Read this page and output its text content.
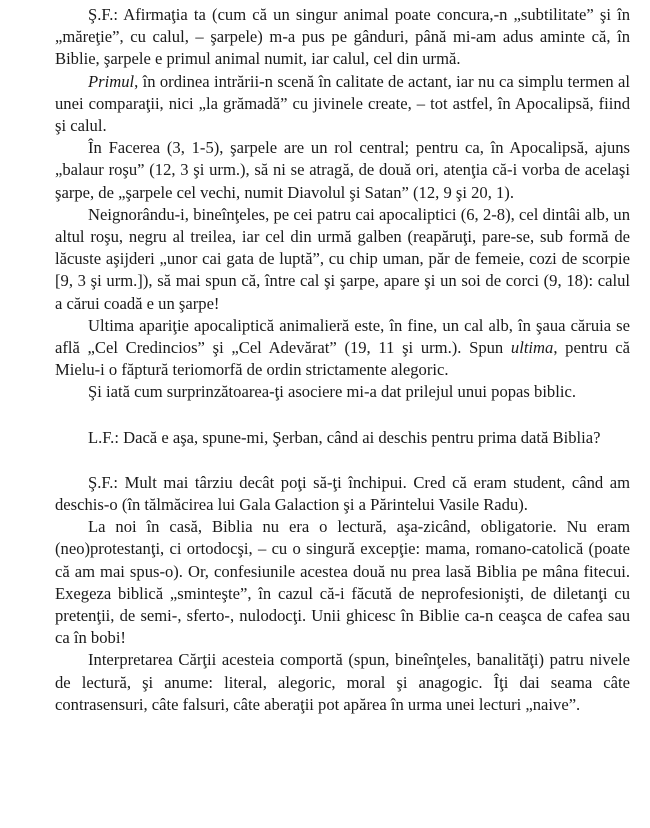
Ş.F.: Afirmaţia ta (cum că un singur animal poate concura,-n „subtilitate” şi în „măreţie”, cu calul, – şarpele) m-a pus pe gânduri, până mi-am adus aminte că, în Biblie, şarpele e primul animal numit, iar calul, cel din urmă.

Primul, în ordinea intrării-n scenă în calitate de actant, iar nu ca simplu termen al unei comparaţii, nici „la grămadă” cu jivinele create, – tot astfel, în Apocalipsă, fiind şi calul.

În Facerea (3, 1-5), şarpele are un rol central; pentru ca, în Apocalipsă, ajuns „balaur roşu” (12, 3 şi urm.), să ni se atragă, de două ori, atenţia că-i vorba de acelaşi şarpe, de „şarpele cel vechi, numit Diavolul şi Satan” (12, 9 şi 20, 1).

Neignorându-i, bineînţeles, pe cei patru cai apocaliptici (6, 2-8), cel dintâi alb, un altul roşu, negru al treilea, iar cel din urmă galben (reapăruţi, pare-se, sub formă de lăcuste aşijderi „unor cai gata de luptă”, cu chip uman, păr de femeie, cozi de scorpie [9, 3 şi urm.]), să mai spun că, între cal şi şarpe, apare şi un soi de corci (9, 18): calul a cărui coadă e un şarpe!

Ultima apariţie apocaliptică animalieră este, în fine, un cal alb, în şaua căruia se află „Cel Credincios” şi „Cel Adevărat” (19, 11 şi urm.). Spun ultima, pentru că Mielu-i o făptură teriomorfă de ordin strictamente alegoric.

Şi iată cum surprinzătoarea-ţi asociere mi-a dat prilejul unui popas biblic.

L.F.: Dacă e aşa, spune-mi, Şerban, când ai deschis pentru prima dată Biblia?

Ş.F.: Mult mai târziu decât poţi să-ţi închipui. Cred că eram student, când am deschis-o (în tălmăcirea lui Gala Galaction şi a Părintelui Vasile Radu).

La noi în casă, Biblia nu era o lectură, aşa-zicând, obligatorie. Nu eram (neo)protestanţi, ci ortodocşi, – cu o singură excepţie: mama, romano-catolică (poate că am mai spus-o). Or, confesiunile acestea două nu prea lasă Biblia pe mâna fitecui. Exegeza biblică „sminteşte”, în cazul că-i făcută de neprofesionişti, de diletanţi cu pretenţii, de semi-, sferto-, nulodocţi. Unii ghicesc în Biblie ca-n ceaşca de cafea sau ca în bobi!

Interpretarea Cărţii acesteia comportă (spun, bineînţeles, banalităţi) patru nivele de lectură, şi anume: literal, alegoric, moral şi anagogic. Îţi dai seama câte contrasensuri, câte falsuri, câte aberaţii pot apărea în urma unei lecturi „naive”.
